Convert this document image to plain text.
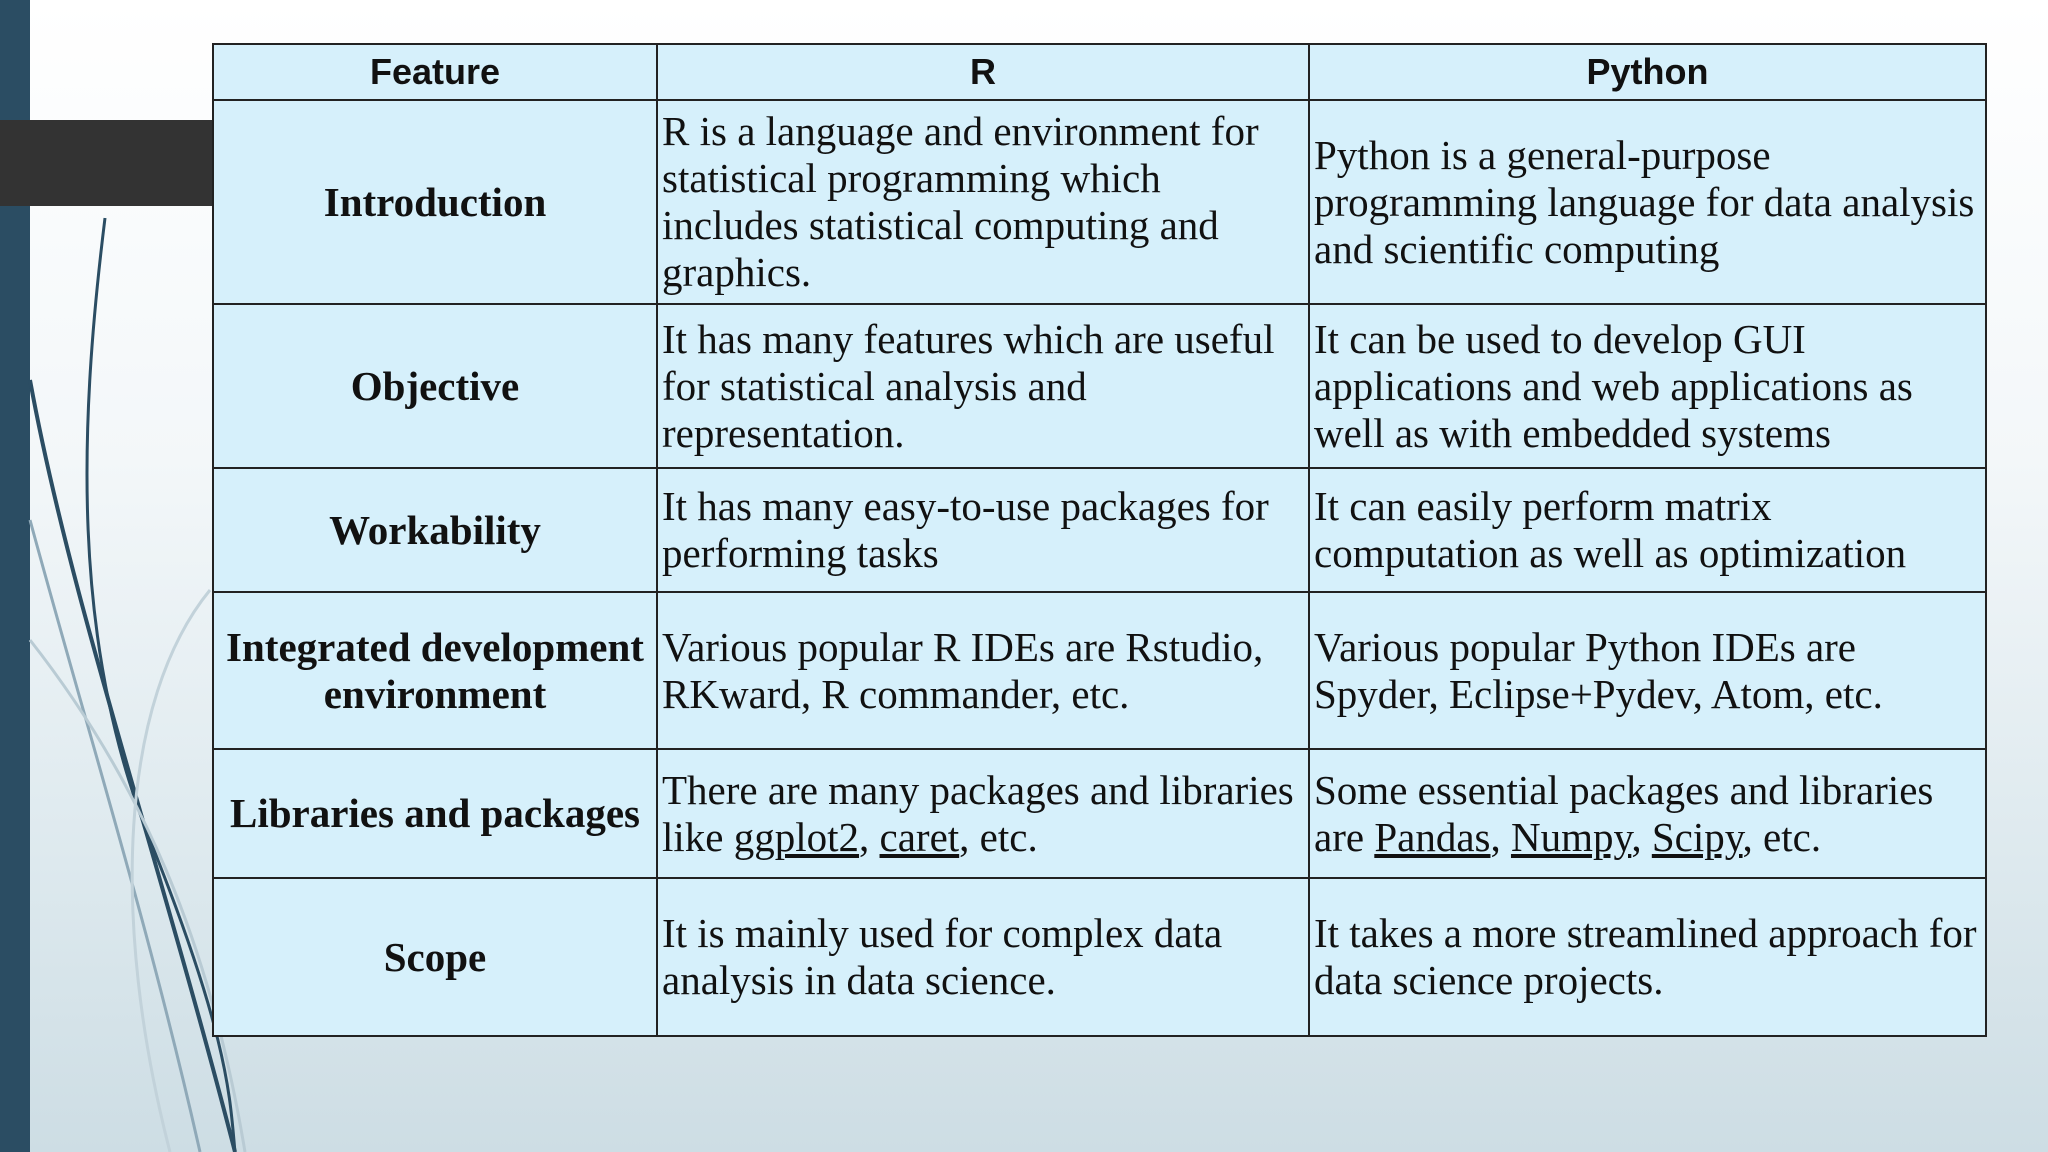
Feature	R	Python
Introduction	R is a language and environment for statistical programming which includes statistical computing and graphics.	Python is a general-purpose programming language for data analysis and scientific computing
Objective	It has many features which are useful for statistical analysis and representation.	It can be used to develop GUI applications and web applications as well as with embedded systems
Workability	It has many easy-to-use packages for performing tasks	It can easily perform matrix computation as well as optimization
Integrated development environment	Various popular R IDEs are Rstudio, RKward, R commander, etc.	Various popular Python IDEs are Spyder, Eclipse+Pydev, Atom, etc.
Libraries and packages	There are many packages and libraries like ggplot2, caret, etc.	Some essential packages and libraries are Pandas, Numpy, Scipy, etc.
Scope	It is mainly used for complex data analysis in data science.	It takes a more streamlined approach for data science projects.
